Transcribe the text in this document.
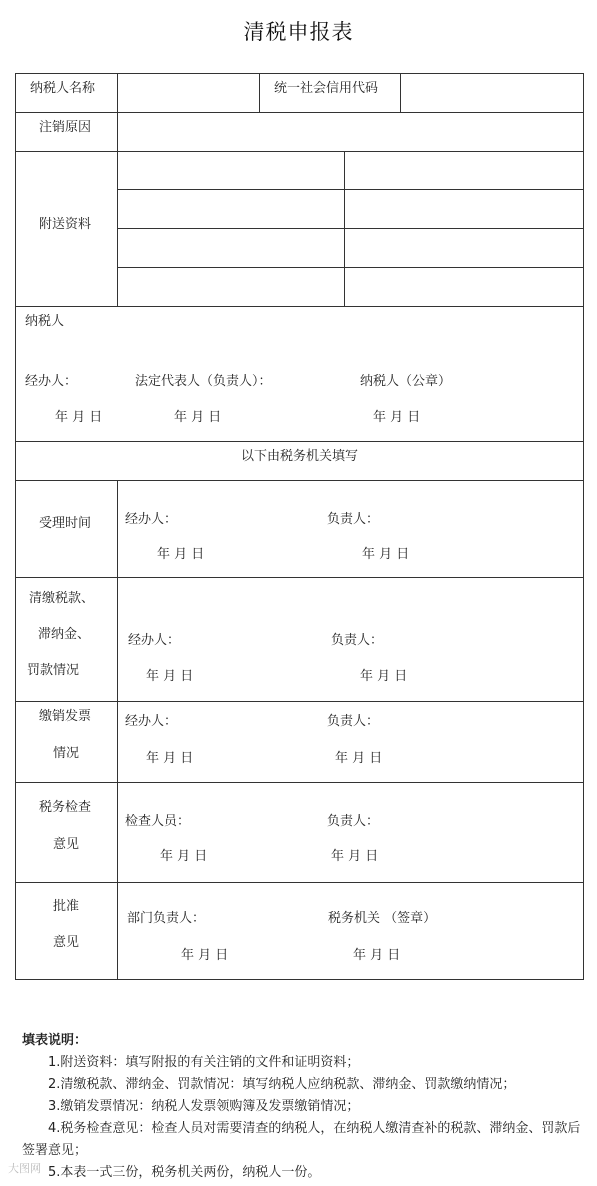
清税申报表
纳税人名称	统一社会信用代码
注销原因
附送资料
纳税人
经办人：	法定代表人（负责人）：	纳税人（公章）
年 月 日	年 月 日	年 月 日
以下由税务机关填写
受理时间	经办人：	负责人：
年 月 日	年 月 日
清缴税款、
滞纳金、
罚款情况
经办人：	负责人：
年 月 日	年 月 日
缴销发票
情况
经办人：	负责人：
年 月 日	年 月 日
税务检查
意见
检查人员：	负责人：
年 月 日	年 月 日
批准
意见
部门负责人：	税务机关 （签章）
年 月 日	年 月 日
填表说明：
1.附送资料：填写附报的有关注销的文件和证明资料；
2.清缴税款、滞纳金、罚款情况：填写纳税人应纳税款、滞纳金、罚款缴纳情况；
3.缴销发票情况：纳税人发票领购簿及发票缴销情况；
4.税务检查意见：检查人员对需要清查的纳税人，在纳税人缴清查补的税款、滞纳金、罚款后签署意见；
5.本表一式三份，税务机关两份，纳税人一份。
大图网
